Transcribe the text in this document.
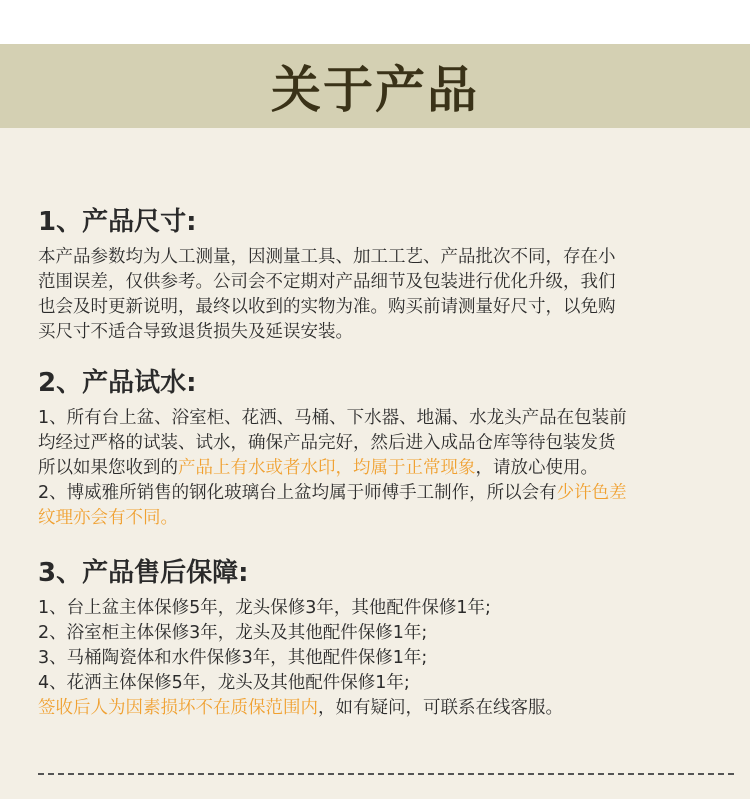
关于产品
1、产品尺寸:

本产品参数均为人工测量，因测量工具、加工工艺、产品批次不同，存在小

范围误差，仅供参考。公司会不定期对产品细节及包装进行优化升级，我们

也会及时更新说明，最终以收到的实物为准。购买前请测量好尺寸，以免购

买尺寸不适合导致退货损失及延误安装。

2、产品试水:

1、所有台上盆、浴室柜、花洒、马桶、下水器、地漏、水龙头产品在包装前

均经过严格的试装、试水，确保产品完好，然后进入成品仓库等待包装发货

所以如果您收到的产品上有水或者水印，均属于正常现象，请放心使用。

2、博威雅所销售的钢化玻璃台上盆均属于师傅手工制作，所以会有少许色差

纹理亦会有不同。

3、产品售后保障:

1、台上盆主体保修5年，龙头保修3年，其他配件保修1年;

2、浴室柜主体保修3年，龙头及其他配件保修1年;

3、马桶陶瓷体和水件保修3年，其他配件保修1年;

4、花洒主体保修5年，龙头及其他配件保修1年;

签收后人为因素损坏不在质保范围内，如有疑问，可联系在线客服。
